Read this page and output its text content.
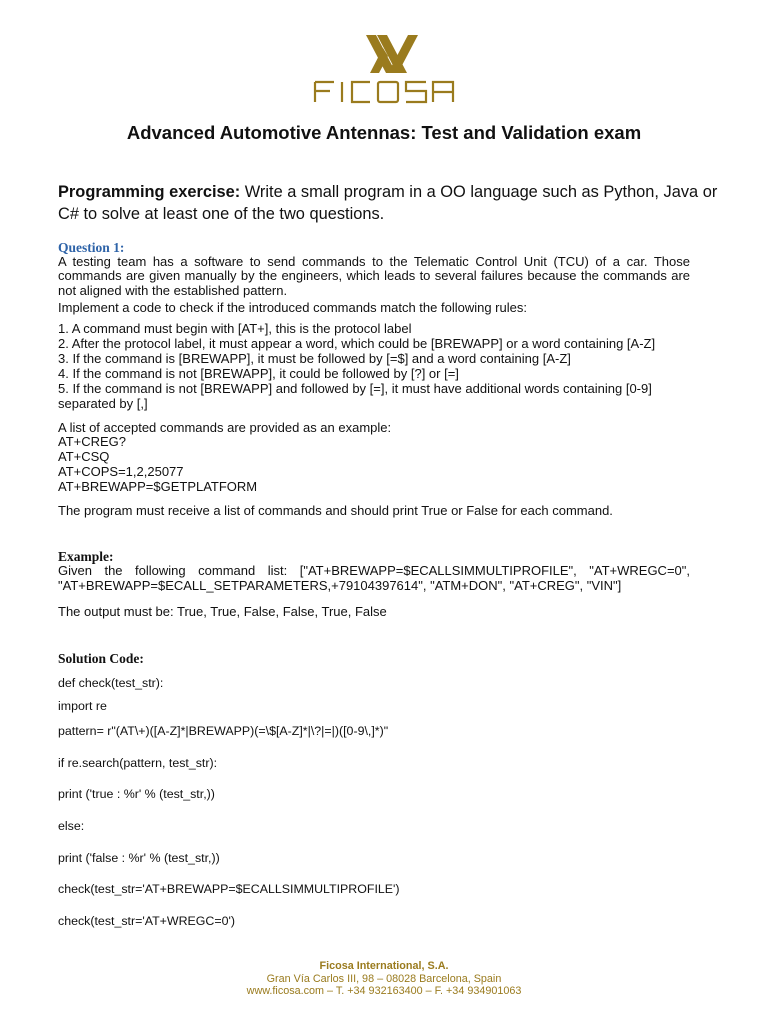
Advanced Automotive Antennas: Test and Validation exam

Programming exercise: Write a small program in a OO language such as Python, Java or C# to solve at least one of the two questions.

Question 1:

A testing team has a software to send commands to the Telematic Control Unit (TCU) of a car. Those commands are given manually by the engineers, which leads to several failures because the commands are not aligned with the established pattern.

Implement a code to check if the introduced commands match the following rules:

1. A command must begin with [AT+], this is the protocol label
2. After the protocol label, it must appear a word, which could be [BREWAPP] or a word containing [A-Z]
3. If the command is [BREWAPP], it must be followed by [=$] and a word containing [A-Z]
4. If the command is not [BREWAPP], it could be followed by [?] or [=]
5. If the command is not [BREWAPP] and followed by [=], it must have additional words containing [0-9] separated by [,]

A list of accepted commands are provided as an example:

AT+CREG?

AT+CSQ

AT+COPS=1,2,25077

AT+BREWAPP=$GETPLATFORM

The program must receive a list of commands and should print True or False for each command.

Example:

Given the following command list: ["AT+BREWAPP=$ECALLSIMMULTIPROFILE", "AT+WREGC=0", "AT+BREWAPP=$ECALL_SETPARAMETERS,+79104397614", "ATM+DON", "AT+CREG", "VIN"]

The output must be: True, True, False, False, True, False

Solution Code:

def check(test_str):

import re

pattern= r"(AT\+)([A-Z]*|BREWAPP)(=\$[A-Z]*|\?|=|)([0-9\,]*)"

if re.search(pattern, test_str):

print ('true : %r' % (test_str,))

else:

print ('false : %r' % (test_str,))

check(test_str='AT+BREWAPP=$ECALLSIMMULTIPROFILE')

check(test_str='AT+WREGC=0')

Ficosa International, S.A.
Gran Vía Carlos III, 98 – 08028 Barcelona, Spain
www.ficosa.com – T. +34 932163400 – F. +34 934901063
